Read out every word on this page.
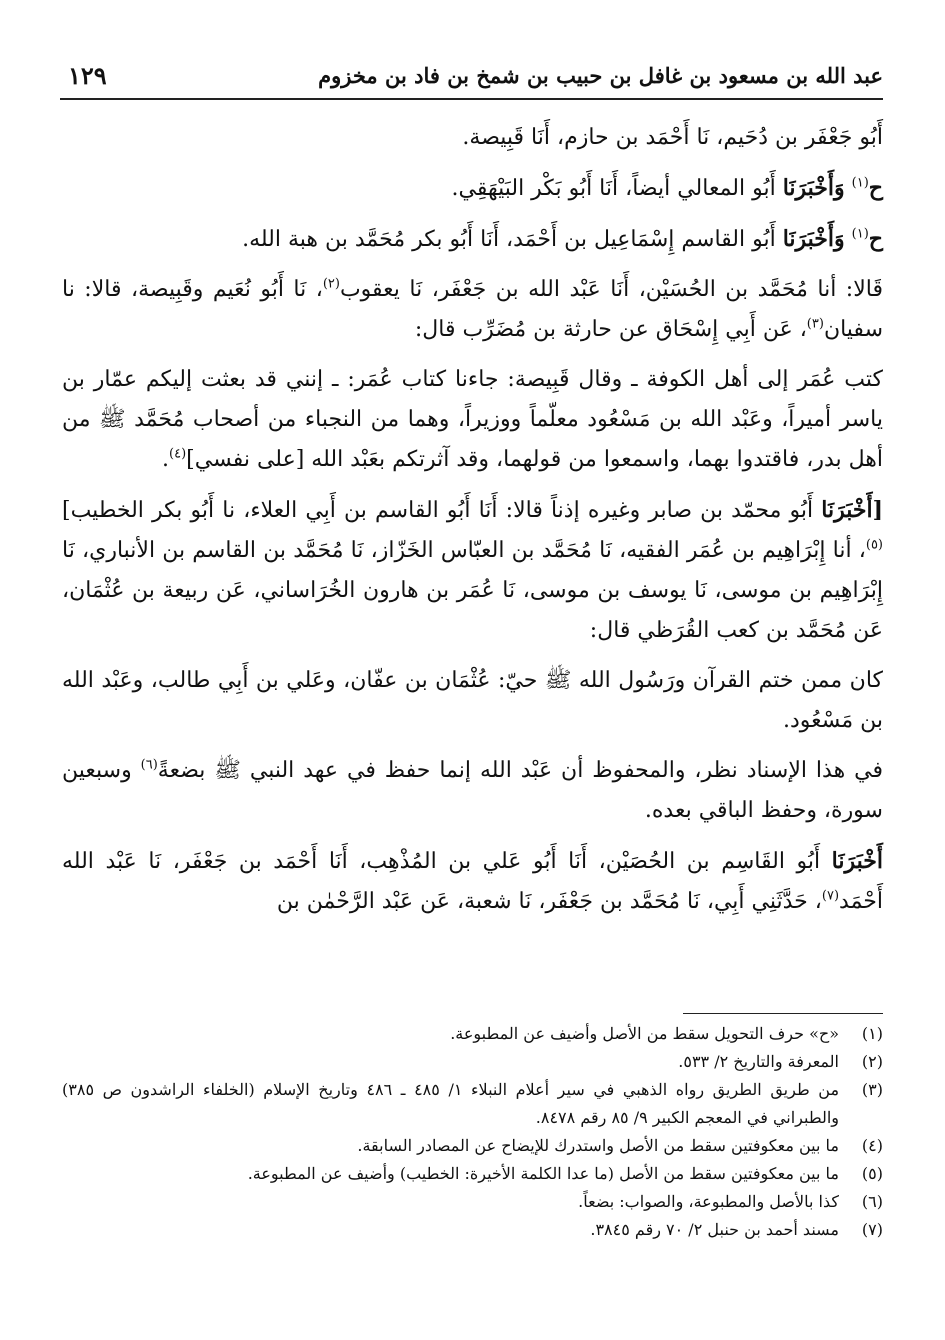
١٢٩	عبد الله بن مسعود بن غافل بن حبيب بن شمخ بن فاد بن مخزوم

أَبُو جَعْفَر بن دُحَيم، نَا أَحْمَد بن حازم، أَنَا قَبِيصة.

ح$^{(١)}$ وَأَخْبَرَنَا أَبُو المعالي أيضاً، أَنَا أَبُو بَكْر البَيْهَقِي.

ح$^{(١)}$ وَأَخْبَرَنَا أَبُو القاسم إِسْمَاعِيل بن أَحْمَد، أَنَا أَبُو بكر مُحَمَّد بن هبة الله.

قَالا: أنا مُحَمَّد بن الحُسَيْن، أَنَا عَبْد الله بن جَعْفَر، نَا يعقوب$^{(٢)}$، نَا أَبُو نُعَيم وقَبِيصة، قالا: نا سفيان$^{(٣)}$، عَن أَبِي إِسْحَاق عن حارثة بن مُضَرِّب قال:

كتب عُمَر إلى أهل الكوفة ـ وقال قَبِيصة: جاءنا كتاب عُمَر: ـ إنني قد بعثت إليكم عمّار بن ياسر أميراً، وعَبْد الله بن مَسْعُود معلّماً ووزيراً، وهما من النجباء من أصحاب مُحَمَّد ﷺ من أهل بدر، فاقتدوا بهما، واسمعوا من قولهما، وقد آثرتكم بعَبْد الله [على نفسي]$^{(٤)}$.

[أَخْبَرَنَا أَبُو محمّد بن صابر وغيره إذناً قالا: أَنَا أَبُو القاسم بن أَبِي العلاء، نا أَبُو بكر الخطيب]$^{(٥)}$، أنا إِبْرَاهِيم بن عُمَر الفقيه، نَا مُحَمَّد بن العبّاس الخَزّاز، نَا مُحَمَّد بن القاسم بن الأنباري، نَا إِبْرَاهِيم بن موسى، نَا يوسف بن موسى، نَا عُمَر بن هارون الخُرَاساني، عَن ربيعة بن عُثْمَان، عَن مُحَمَّد بن كعب القُرَظي قال:

كان ممن ختم القرآن ورَسُول الله ﷺ حيّ: عُثْمَان بن عفّان، وعَلي بن أَبِي طالب، وعَبْد الله بن مَسْعُود.

في هذا الإسناد نظر، والمحفوظ أن عَبْد الله إنما حفظ في عهد النبي ﷺ بضعةً$^{(٦)}$ وسبعين سورة، وحفظ الباقي بعده.

أَخْبَرَنَا أَبُو القَاسِم بن الحُصَيْن، أَنَا أَبُو عَلي بن المُذْهِب، أَنَا أَحْمَد بن جَعْفَر، نَا عَبْد الله أَحْمَد$^{(٧)}$، حَدَّثَنِي أَبِي، نَا مُحَمَّد بن جَعْفَر، نَا شعبة، عَن عَبْد الرَّحْمٰن بن

(١)
«ح» حرف التحويل سقط من الأصل وأضيف عن المطبوعة.
(٢)
المعرفة والتاريخ ٢/ ٥٣٣.
(٣)
من طريق الطريق رواه الذهبي في سير أعلام النبلاء ١/ ٤٨٥ ـ ٤٨٦ وتاريخ الإسلام (الخلفاء الراشدون ص ٣٨٥) والطبراني في المعجم الكبير ٩/ ٨٥ رقم ٨٤٧٨.
(٤)
ما بين معكوفتين سقط من الأصل واستدرك للإيضاح عن المصادر السابقة.
(٥)
ما بين معكوفتين سقط من الأصل (ما عدا الكلمة الأخيرة: الخطيب) وأضيف عن المطبوعة.
(٦)
كذا بالأصل والمطبوعة، والصواب: بضعاً.
(٧)
مسند أحمد بن حنبل ٢/ ٧٠ رقم ٣٨٤٥.
